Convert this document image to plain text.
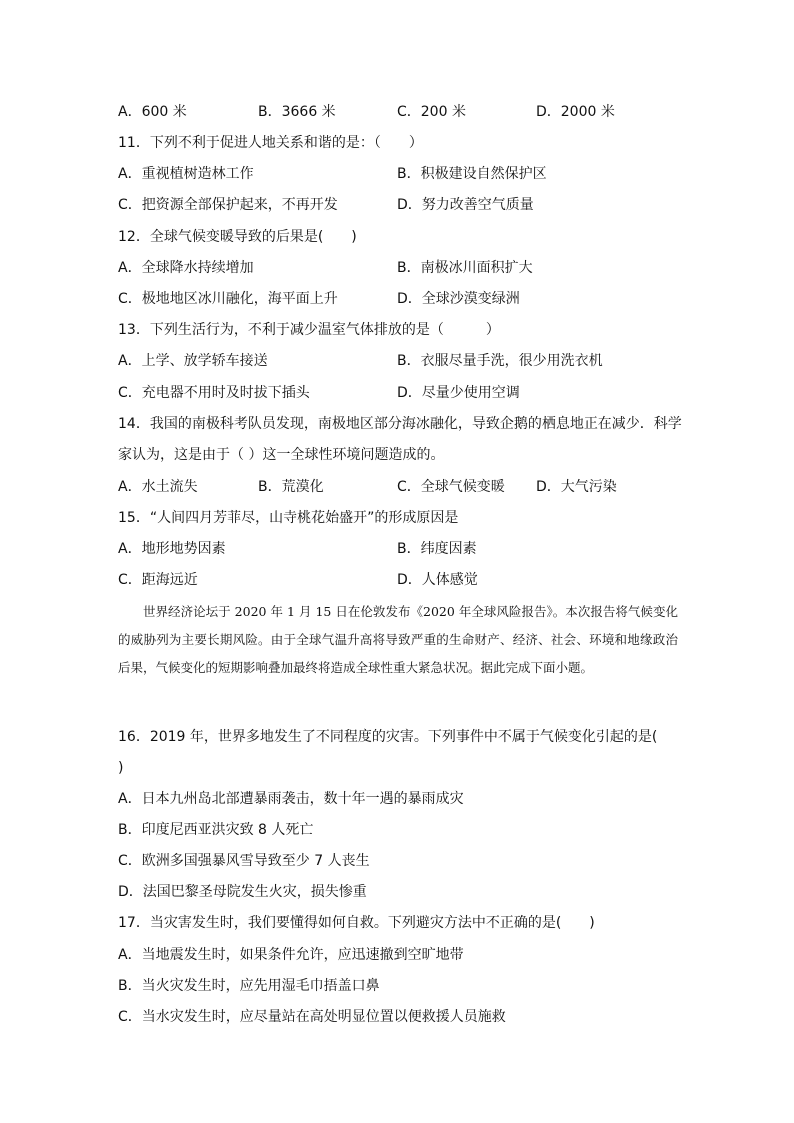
A．600 米	B．3666 米	C．200 米	D．2000 米
11．下列不利于促进人地关系和谐的是：（　　）
A．重视植树造林工作	B．积极建设自然保护区
C．把资源全部保护起来，不再开发	D．努力改善空气质量
12．全球气候变暖导致的后果是(　　)
A．全球降水持续增加	B．南极冰川面积扩大
C．极地地区冰川融化，海平面上升	D．全球沙漠变绿洲
13．下列生活行为，不利于减少温室气体排放的是（　　　）
A．上学、放学轿车接送	B．衣服尽量手洗，很少用洗衣机
C．充电器不用时及时拔下插头	D．尽量少使用空调
14．我国的南极科考队员发现，南极地区部分海冰融化，导致企鹅的栖息地正在减少．科学
家认为，这是由于（ ）这一全球性环境问题造成的。
A．水土流失	B．荒漠化	C．全球气候变暖 D．大气污染
15．“人间四月芳菲尽，山寺桃花始盛开”的形成原因是
A．地形地势因素	B．纬度因素
C．距海远近	D．人体感觉

世界经济论坛于 2020 年 1 月 15 日在伦敦发布《2020 年全球风险报告》。本次报告将气候变化的威胁列为主要长期风险。由于全球气温升高将导致严重的生命财产、经济、社会、环境和地缘政治后果，气候变化的短期影响叠加最终将造成全球性重大紧急状况。据此完成下面小题。

16．2019 年，世界多地发生了不同程度的灾害。下列事件中不属于气候变化引起的是(
)
A．日本九州岛北部遭暴雨袭击，数十年一遇的暴雨成灾
B．印度尼西亚洪灾致 8 人死亡
C．欧洲多国强暴风雪导致至少 7 人丧生
D．法国巴黎圣母院发生火灾，损失惨重
17．当灾害发生时，我们要懂得如何自救。下列避灾方法中不正确的是(　　)
A．当地震发生时，如果条件允许，应迅速撤到空旷地带
B．当火灾发生时，应先用湿毛巾捂盖口鼻
C．当水灾发生时，应尽量站在高处明显位置以便救援人员施救
